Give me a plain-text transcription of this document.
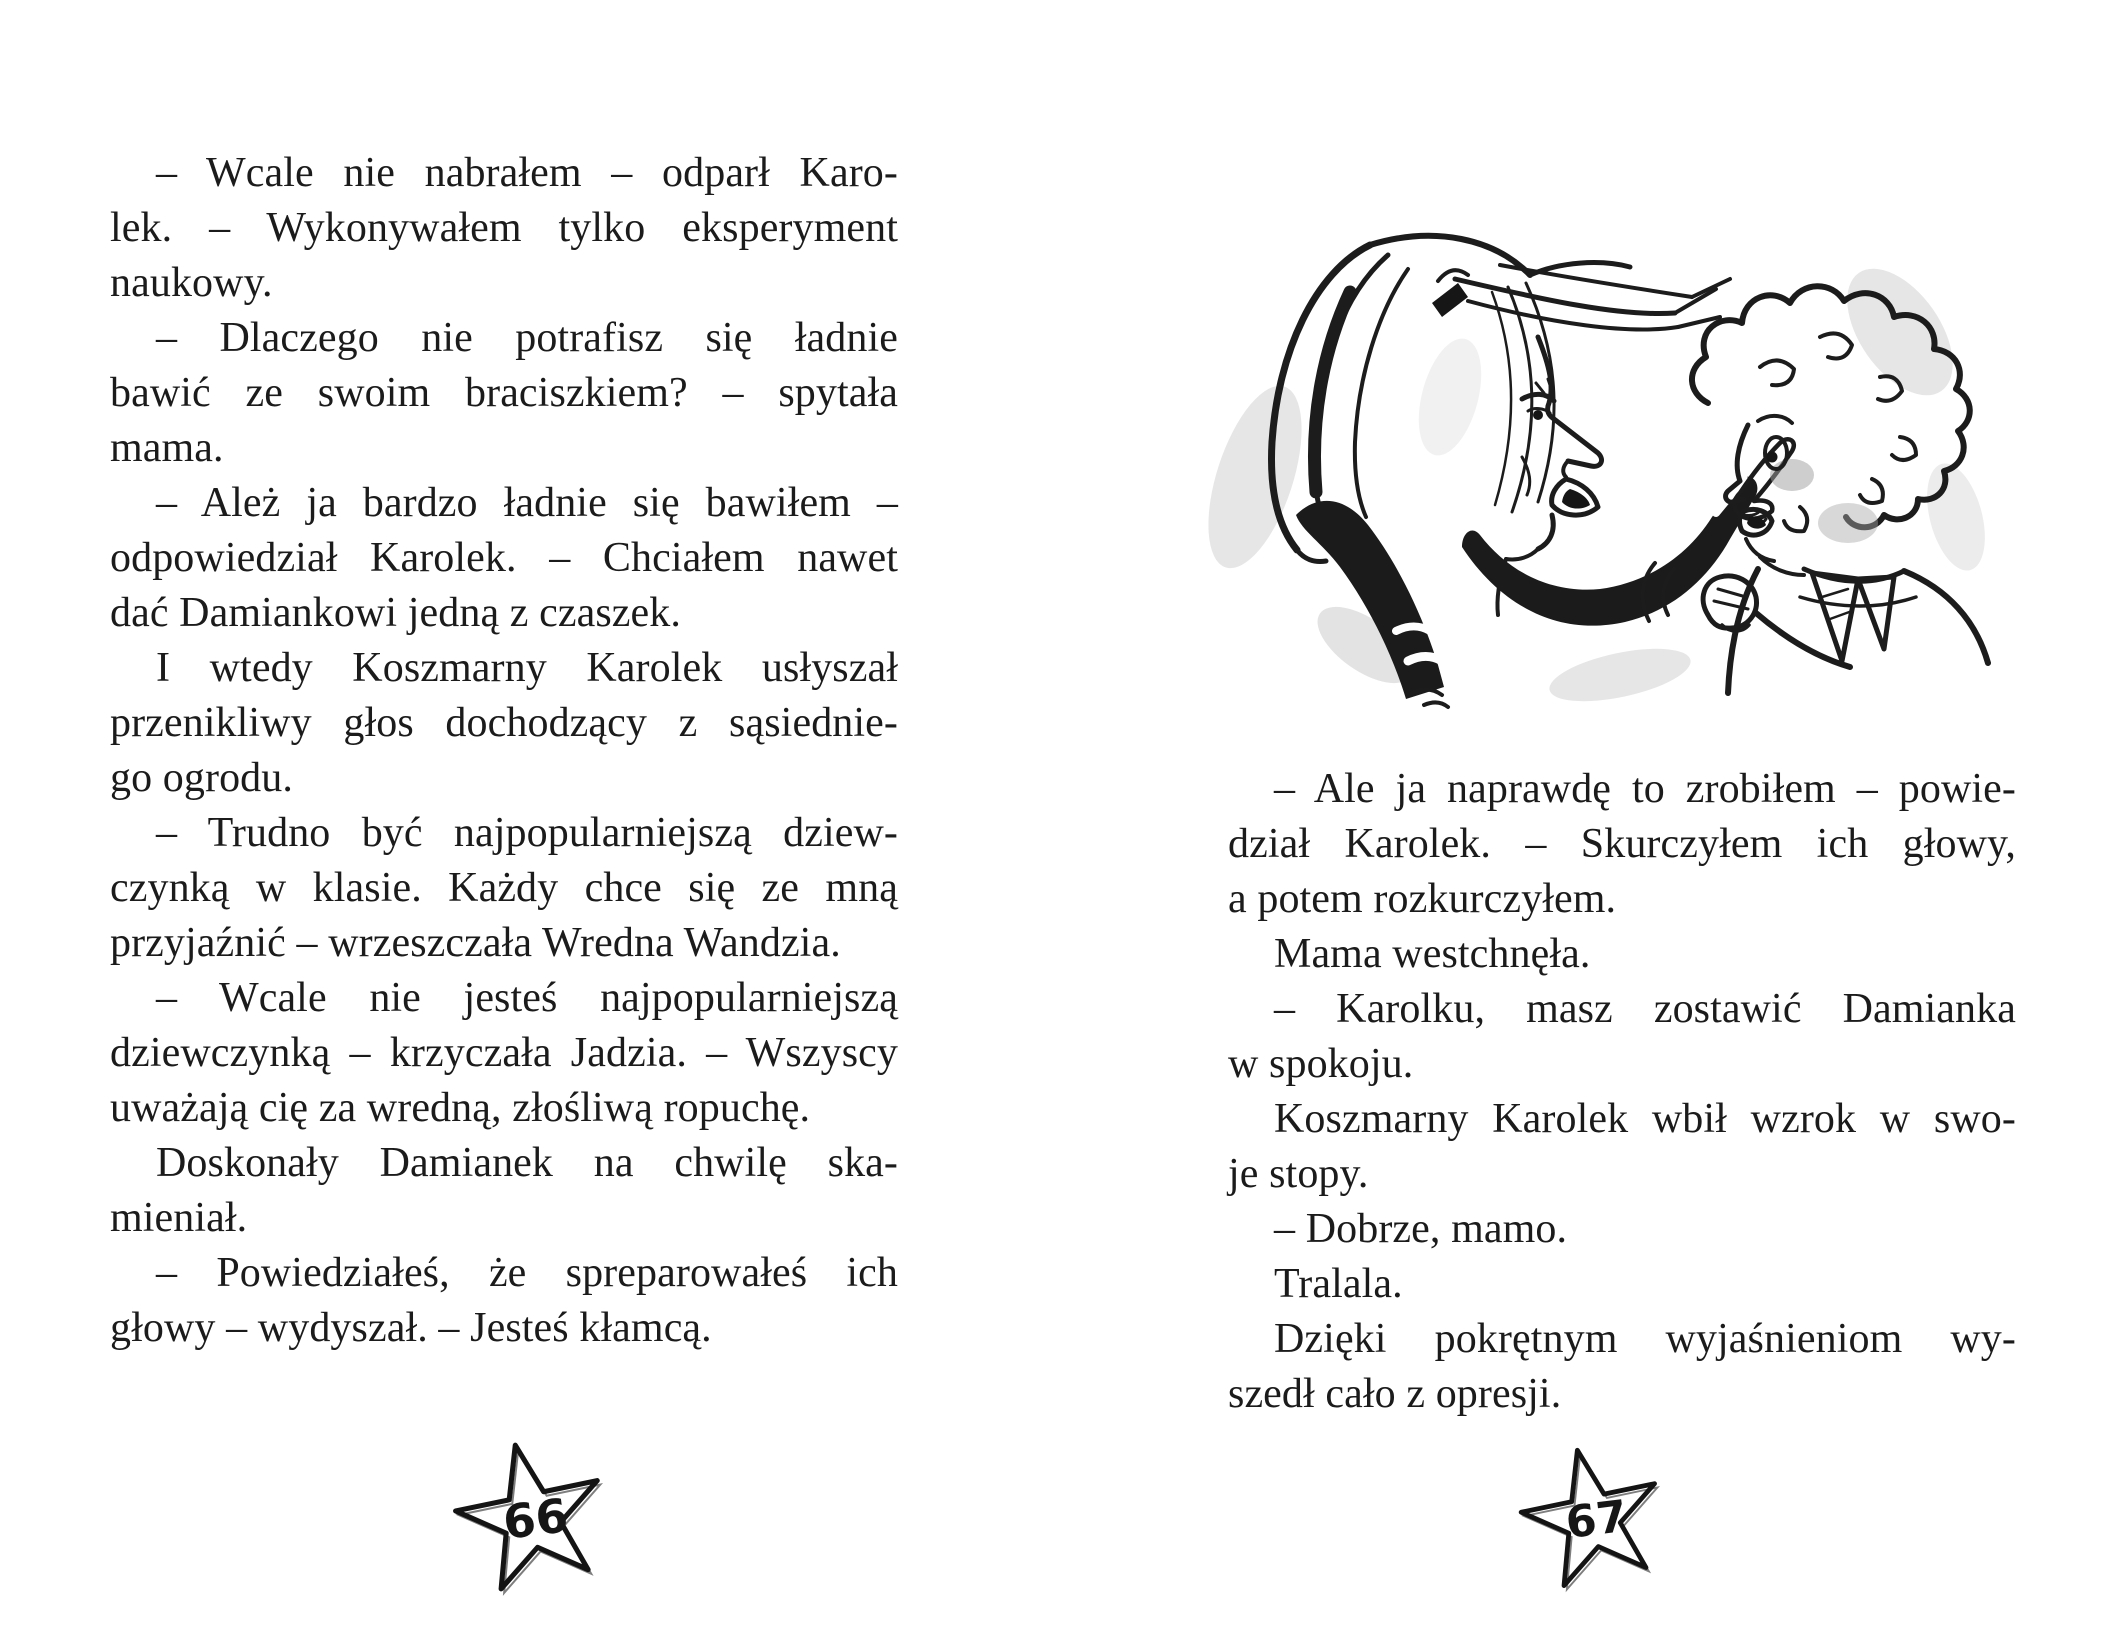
– Wcale nie nabrałem – odparł Karo-
lek. – Wykonywałem tylko eksperyment
naukowy.
– Dlaczego nie potrafisz się ładnie
bawić ze swoim braciszkiem? – spytała
mama.
– Ależ ja bardzo ładnie się bawiłem –
odpowiedział Karolek. – Chciałem nawet
dać Damiankowi jedną z czaszek.
I wtedy Koszmarny Karolek usłyszał
przenikliwy głos dochodzący z sąsiednie-
go ogrodu.
– Trudno być najpopularniejszą dziew-
czynką w klasie. Każdy chce się ze mną
przyjaźnić – wrzeszczała Wredna Wandzia.
– Wcale nie jesteś najpopularniejszą
dziewczynką – krzyczała Jadzia. – Wszyscy
uważają cię za wredną, złośliwą ropuchę.
Doskonały Damianek na chwilę ska-
mieniał.
– Powiedziałeś, że spreparowałeś ich
głowy – wydyszał. – Jesteś kłamcą.
– Ale ja naprawdę to zrobiłem – powie-
dział Karolek. – Skurczyłem ich głowy,
a potem rozkurczyłem.
Mama westchnęła.
– Karolku, masz zostawić Damianka
w spokoju.
Koszmarny Karolek wbił wzrok w swo-
je stopy.
– Dobrze, mamo.
Tralala.
Dzięki pokrętnym wyjaśnieniom wy-
szedł cało z opresji.
66	67
